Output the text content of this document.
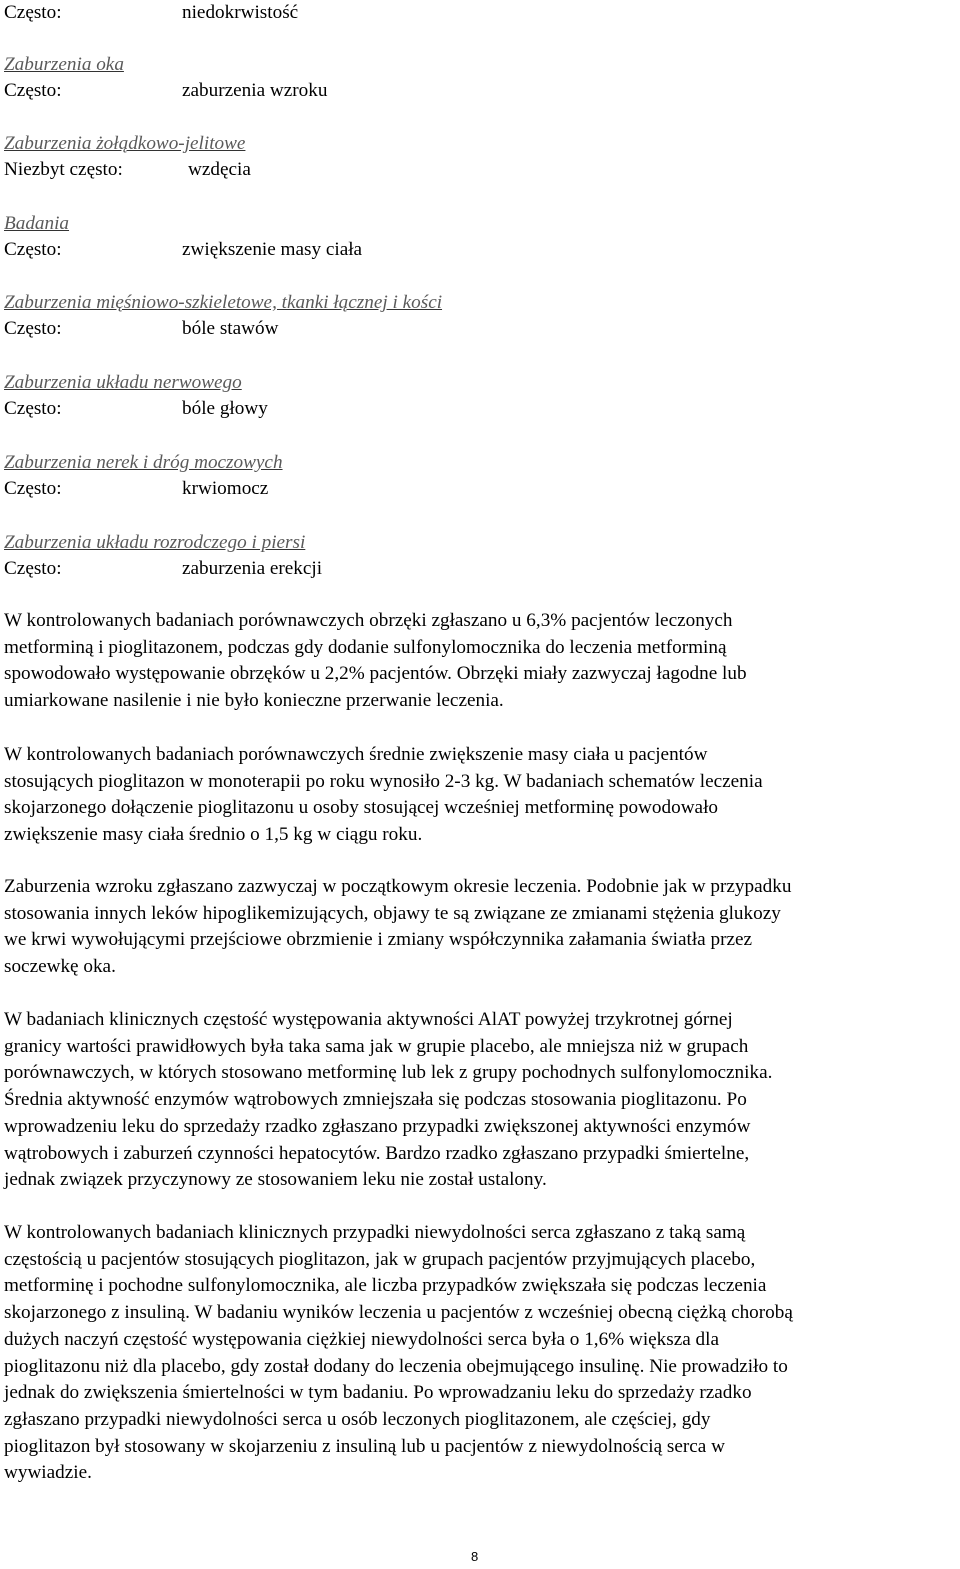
Często:	niedokrwistość
Zaburzenia oka
Często:	zaburzenia wzroku
Zaburzenia żołądkowo-jelitowe
Niezbyt często:	wzdęcia
Badania
Często:	zwiększenie masy ciała
Zaburzenia mięśniowo-szkieletowe, tkanki łącznej i kości
Często:	bóle stawów
Zaburzenia układu nerwowego
Często:	bóle głowy
Zaburzenia nerek i dróg moczowych
Często:	krwiomocz
Zaburzenia układu rozrodczego i piersi
Często:	zaburzenia erekcji
W kontrolowanych badaniach porównawczych obrzęki zgłaszano u 6,3% pacjentów leczonych
metforminą i pioglitazonem, podczas gdy dodanie sulfonylomocznika do leczenia metforminą
spowodowało występowanie obrzęków u 2,2% pacjentów. Obrzęki miały zazwyczaj łagodne lub
umiarkowane nasilenie i nie było konieczne przerwanie leczenia.
W kontrolowanych badaniach porównawczych średnie zwiększenie masy ciała u pacjentów
stosujących pioglitazon w monoterapii po roku wynosiło 2-3 kg. W badaniach schematów leczenia
skojarzonego dołączenie pioglitazonu u osoby stosującej wcześniej metforminę powodowało
zwiększenie masy ciała średnio o 1,5 kg w ciągu roku.
Zaburzenia wzroku zgłaszano zazwyczaj w początkowym okresie leczenia. Podobnie jak w przypadku
stosowania innych leków hipoglikemizujących, objawy te są związane ze zmianami stężenia glukozy
we krwi wywołującymi przejściowe obrzmienie i zmiany współczynnika załamania światła przez
soczewkę oka.
W badaniach klinicznych częstość występowania aktywności AlAT powyżej trzykrotnej górnej
granicy wartości prawidłowych była taka sama jak w grupie placebo, ale mniejsza niż w grupach
porównawczych, w których stosowano metforminę lub lek z grupy pochodnych sulfonylomocznika.
Średnia aktywność enzymów wątrobowych zmniejszała się podczas stosowania pioglitazonu. Po
wprowadzeniu leku do sprzedaży rzadko zgłaszano przypadki zwiększonej aktywności enzymów
wątrobowych i zaburzeń czynności hepatocytów. Bardzo rzadko zgłaszano przypadki śmiertelne,
jednak związek przyczynowy ze stosowaniem leku nie został ustalony.
W kontrolowanych badaniach klinicznych przypadki niewydolności serca zgłaszano z taką samą
częstością u pacjentów stosujących pioglitazon, jak w grupach pacjentów przyjmujących placebo,
metforminę i pochodne sulfonylomocznika, ale liczba przypadków zwiększała się podczas leczenia
skojarzonego z insuliną. W badaniu wyników leczenia u pacjentów z wcześniej obecną ciężką chorobą
dużych naczyń częstość występowania ciężkiej niewydolności serca była o 1,6% większa dla
pioglitazonu niż dla placebo, gdy został dodany do leczenia obejmującego insulinę. Nie prowadziło to
jednak do zwiększenia śmiertelności w tym badaniu. Po wprowadzaniu leku do sprzedaży rzadko
zgłaszano przypadki niewydolności serca u osób leczonych pioglitazonem, ale częściej, gdy
pioglitazon był stosowany w skojarzeniu z insuliną lub u pacjentów z niewydolnością serca w
wywiadzie.
8
